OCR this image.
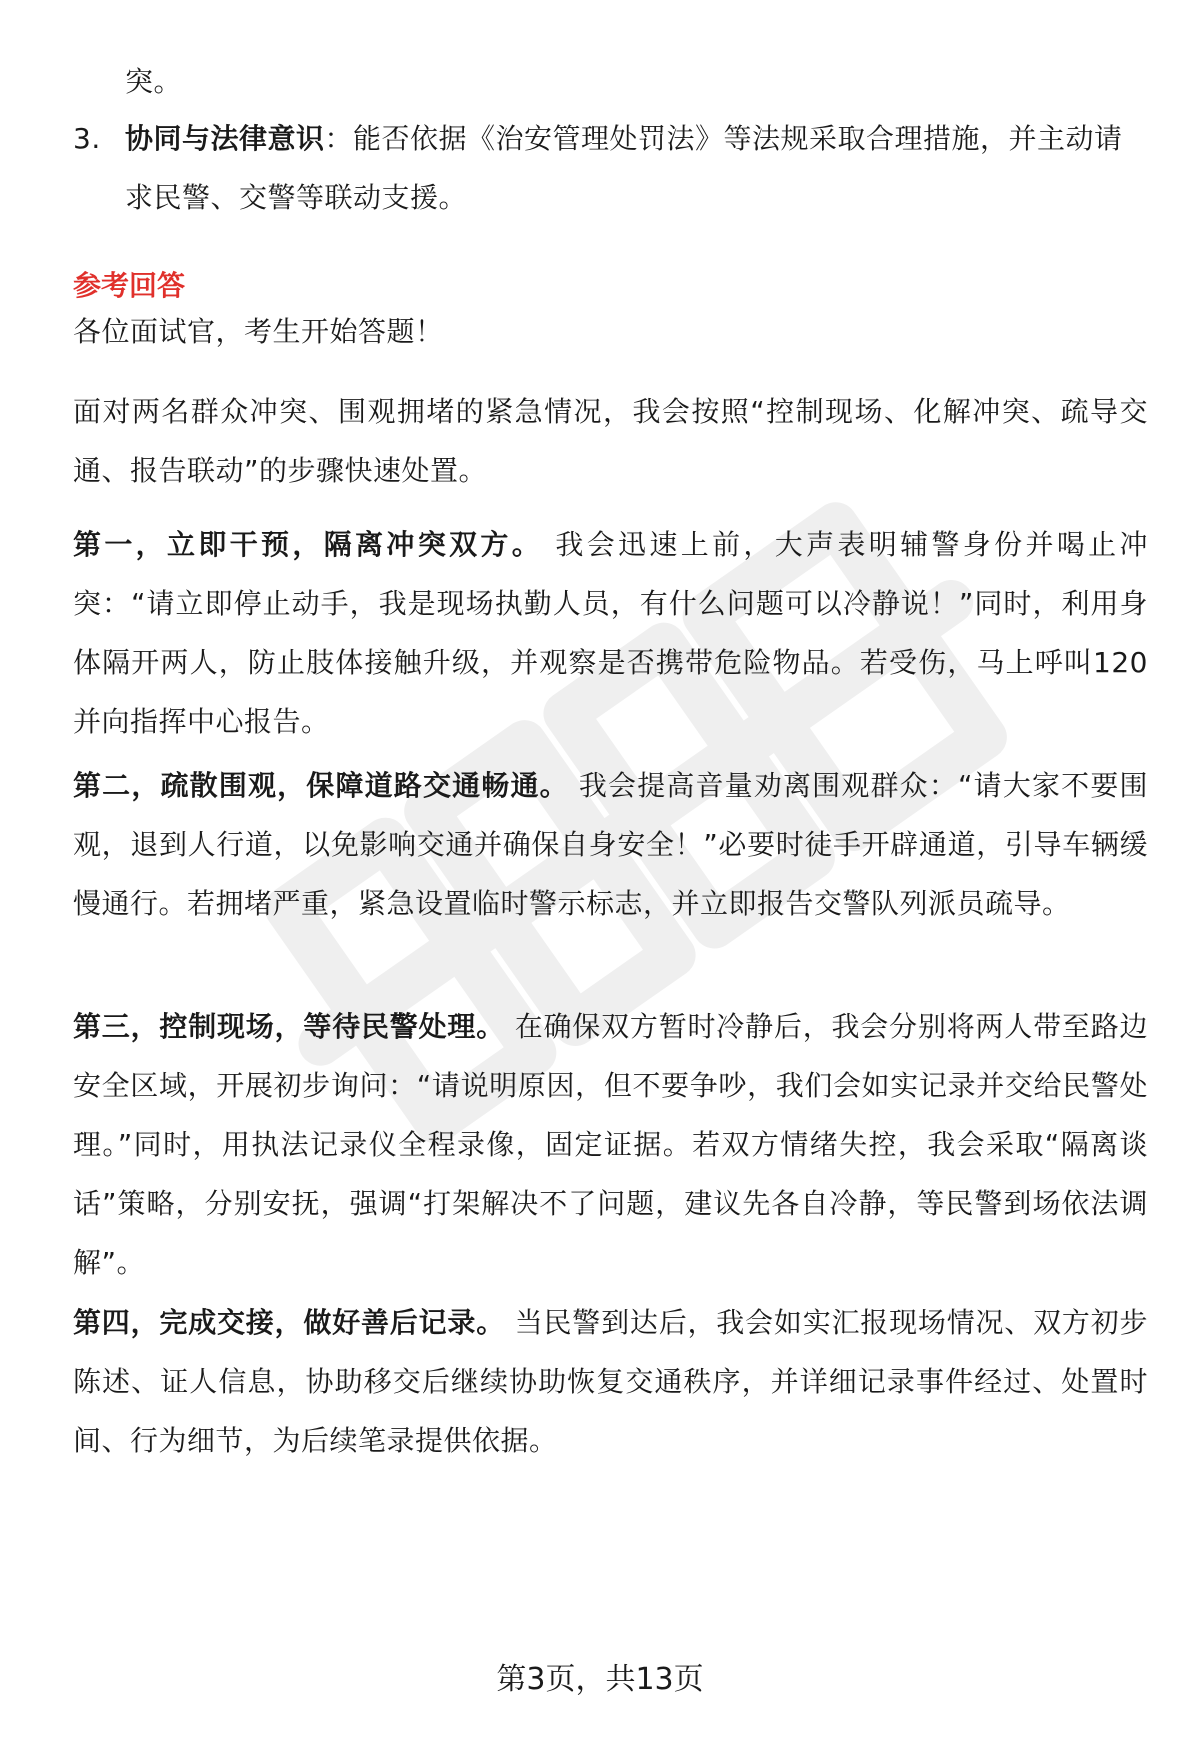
突。

3. 协同与法律意识：能否依据《治安管理处罚法》等法规采取合理措施，并主动请求民警、交警等联动支援。

参考回答

各位面试官，考生开始答题！

面对两名群众冲突、围观拥堵的紧急情况，我会按照“控制现场、化解冲突、疏导交通、报告联动”的步骤快速处置。

第一，立即干预，隔离冲突双方。 我会迅速上前，大声表明辅警身份并喝止冲突：“请立即停止动手，我是现场执勤人员，有什么问题可以冷静说！”同时，利用身体隔开两人，防止肢体接触升级，并观察是否携带危险物品。若受伤，马上呼叫120并向指挥中心报告。

第二，疏散围观，保障道路交通畅通。 我会提高音量劝离围观群众：“请大家不要围观，退到人行道，以免影响交通并确保自身安全！”必要时徒手开辟通道，引导车辆缓慢通行。若拥堵严重，紧急设置临时警示标志，并立即报告交警队列派员疏导。

第三，控制现场，等待民警处理。 在确保双方暂时冷静后，我会分别将两人带至路边安全区域，开展初步询问：“请说明原因，但不要争吵，我们会如实记录并交给民警处理。”同时，用执法记录仪全程录像，固定证据。若双方情绪失控，我会采取“隔离谈话”策略，分别安抚，强调“打架解决不了问题，建议先各自冷静，等民警到场依法调解”。

第四，完成交接，做好善后记录。 当民警到达后，我会如实汇报现场情况、双方初步陈述、证人信息，协助移交后继续协助恢复交通秩序，并详细记录事件经过、处置时间、行为细节，为后续笔录提供依据。

第3页，共13页
